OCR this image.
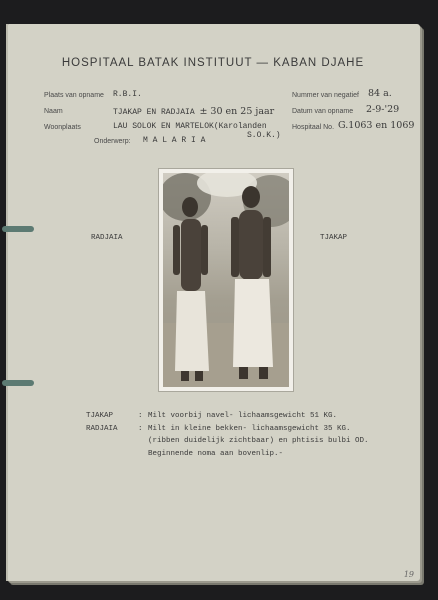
HOSPITAAL BATAK INSTITUUT — KABAN DJAHE
Plaats van opname R.B.I.
Naam	TJAKAP EN RADJAIA ± 30 en 25 jaar
Woonplaats	LAU SOLOK EN MARTELOK(Karolanden
S.O.K.)
Onderwerp: M A L A R I A
Nummer van negatief 84 a.
Datum van opname 2-9-'29
Hospitaal No. G.1063 en 1069
RADJAIA	TJAKAP
TJAKAP	: Milt voorbij navel- lichaamsgewicht 51 KG.
RADJAIA	: Milt in kleine bekken- lichaamsgewicht 35 KG.
(ribben duidelijk zichtbaar) en phtisis bulbi OD.
Beginnende noma aan bovenlip.-
19
